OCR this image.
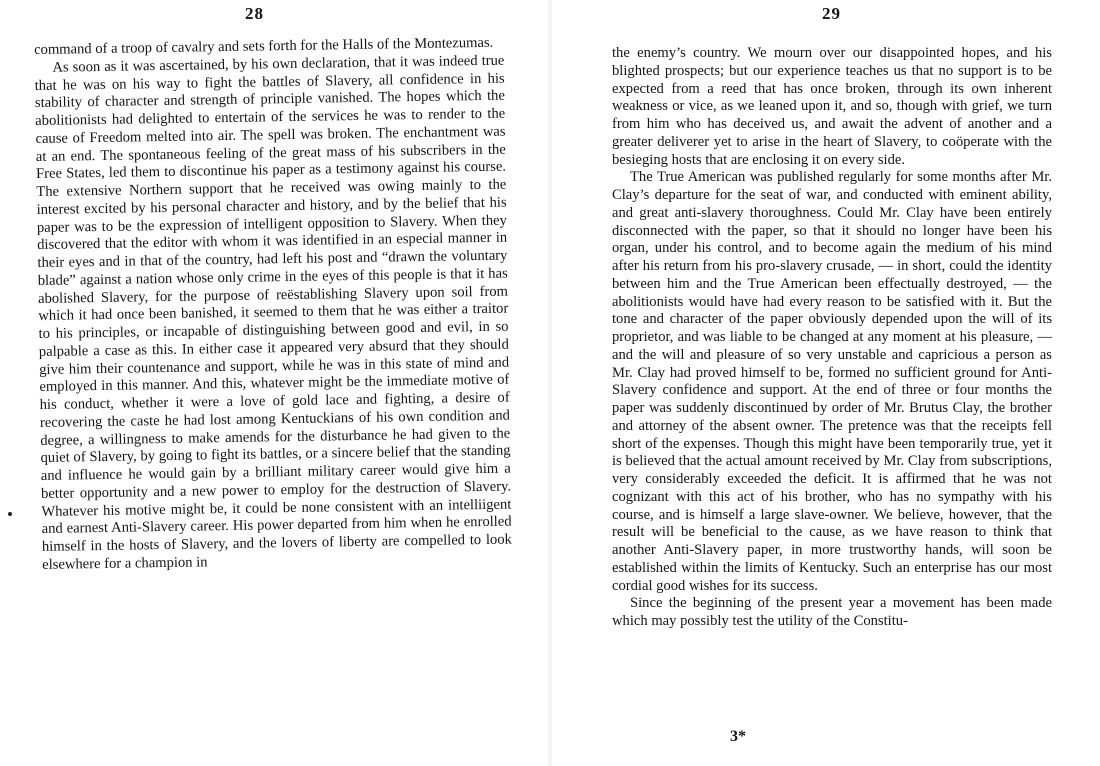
28

command of a troop of cavalry and sets forth for the Halls of the Montezumas.

As soon as it was ascertained, by his own declaration, that it was indeed true that he was on his way to fight the battles of Slavery, all confidence in his stability of character and strength of principle vanished. The hopes which the abolitionists had delighted to entertain of the services he was to render to the cause of Freedom melted into air. The spell was broken. The enchantment was at an end. The spontaneous feeling of the great mass of his subscribers in the Free States, led them to discontinue his paper as a testimony against his course. The extensive Northern support that he received was owing mainly to the interest excited by his personal character and history, and by the belief that his paper was to be the expression of intelligent opposition to Slavery. When they discovered that the editor with whom it was identified in an especial manner in their eyes and in that of the country, had left his post and “drawn the voluntary blade” against a nation whose only crime in the eyes of this people is that it has abolished Slavery, for the purpose of reëstablishing Slavery upon soil from which it had once been banished, it seemed to them that he was either a traitor to his principles, or incapable of distinguishing between good and evil, in so palpable a case as this. In either case it appeared very absurd that they should give him their countenance and support, while he was in this state of mind and employed in this manner. And this, whatever might be the immediate motive of his conduct, whether it were a love of gold lace and fighting, a desire of recovering the caste he had lost among Kentuckians of his own condition and degree, a willingness to make amends for the disturbance he had given to the quiet of Slavery, by going to fight its battles, or a sincere belief that the standing and influence he would gain by a brilliant military career would give him a better opportunity and a new power to employ for the destruction of Slavery. Whatever his motive might be, it could be none consistent with an intelliigent and earnest Anti-Slavery career. His power departed from him when he enrolled himself in the hosts of Slavery, and the lovers of liberty are compelled to look elsewhere for a champion in

29

the enemy’s country. We mourn over our disappointed hopes, and his blighted prospects; but our experience teaches us that no support is to be expected from a reed that has once broken, through its own inherent weakness or vice, as we leaned upon it, and so, though with grief, we turn from him who has deceived us, and await the advent of another and a greater deliverer yet to arise in the heart of Slavery, to coöperate with the besieging hosts that are enclosing it on every side.

The True American was published regularly for some months after Mr. Clay’s departure for the seat of war, and conducted with eminent ability, and great anti-slavery thoroughness. Could Mr. Clay have been entirely disconnected with the paper, so that it should no longer have been his organ, under his control, and to become again the medium of his mind after his return from his pro-slavery crusade, — in short, could the identity between him and the True American been effectually destroyed, — the abolitionists would have had every reason to be satisfied with it. But the tone and character of the paper obviously depended upon the will of its proprietor, and was liable to be changed at any moment at his pleasure, — and the will and pleasure of so very unstable and capricious a person as Mr. Clay had proved himself to be, formed no sufficient ground for Anti-Slavery confidence and support. At the end of three or four months the paper was suddenly discontinued by order of Mr. Brutus Clay, the brother and attorney of the absent owner. The pretence was that the receipts fell short of the expenses. Though this might have been temporarily true, yet it is believed that the actual amount received by Mr. Clay from subscriptions, very considerably exceeded the deficit. It is affirmed that he was not cognizant with this act of his brother, who has no sympathy with his course, and is himself a large slave-owner. We believe, however, that the result will be beneficial to the cause, as we have reason to think that another Anti-Slavery paper, in more trustworthy hands, will soon be established within the limits of Kentucky. Such an enterprise has our most cordial good wishes for its success.

Since the beginning of the present year a movement has been made which may possibly test the utility of the Constitu-

3*
